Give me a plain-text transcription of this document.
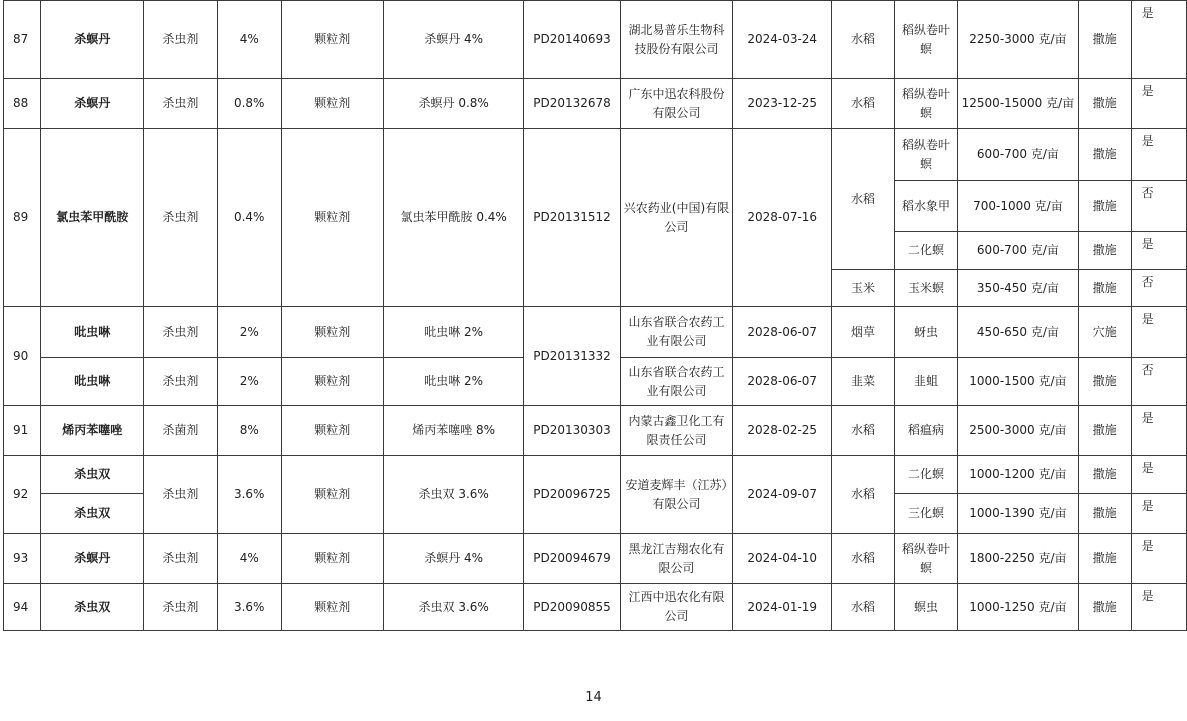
87	杀螟丹	杀虫剂	4%	颗粒剂	杀螟丹 4%	PD20140693	湖北易普乐生物科技股份有限公司	2024-03-24	水稻	稻纵卷叶螟	2250-3000 克/亩	撒施	是
88	杀螟丹	杀虫剂	0.8%	颗粒剂	杀螟丹 0.8%	PD20132678	广东中迅农科股份有限公司	2023-12-25	水稻	稻纵卷叶螟	12500-15000 克/亩	撒施	是
89	氯虫苯甲酰胺	杀虫剂	0.4%	颗粒剂	氯虫苯甲酰胺 0.4%	PD20131512	兴农药业(中国)有限公司	2028-07-16	水稻	稻纵卷叶螟	600-700 克/亩	撒施	是
										稻水象甲	700-1000 克/亩	撒施	否
										二化螟	600-700 克/亩	撒施	是
									玉米	玉米螟	350-450 克/亩	撒施	否
90	吡虫啉	杀虫剂	2%	颗粒剂	吡虫啉 2%	PD20131332	山东省联合农药工业有限公司	2028-06-07	烟草	蚜虫	450-650 克/亩	穴施	是
	吡虫啉	杀虫剂	2%	颗粒剂	吡虫啉 2%		山东省联合农药工业有限公司	2028-06-07	韭菜	韭蛆	1000-1500 克/亩	撒施	否
91	烯丙苯噻唑	杀菌剂	8%	颗粒剂	烯丙苯噻唑 8%	PD20130303	内蒙古鑫卫化工有限责任公司	2028-02-25	水稻	稻瘟病	2500-3000 克/亩	撒施	是
92	杀虫双	杀虫剂	3.6%	颗粒剂	杀虫双 3.6%	PD20096725	安道麦辉丰（江苏）有限公司	2024-09-07	水稻	二化螟	1000-1200 克/亩	撒施	是
	杀虫双									三化螟	1000-1390 克/亩	撒施	是
93	杀螟丹	杀虫剂	4%	颗粒剂	杀螟丹 4%	PD20094679	黑龙江吉翔农化有限公司	2024-04-10	水稻	稻纵卷叶螟	1800-2250 克/亩	撒施	是
94	杀虫双	杀虫剂	3.6%	颗粒剂	杀虫双 3.6%	PD20090855	江西中迅农化有限公司	2024-01-19	水稻	螟虫	1000-1250 克/亩	撒施	是
14
